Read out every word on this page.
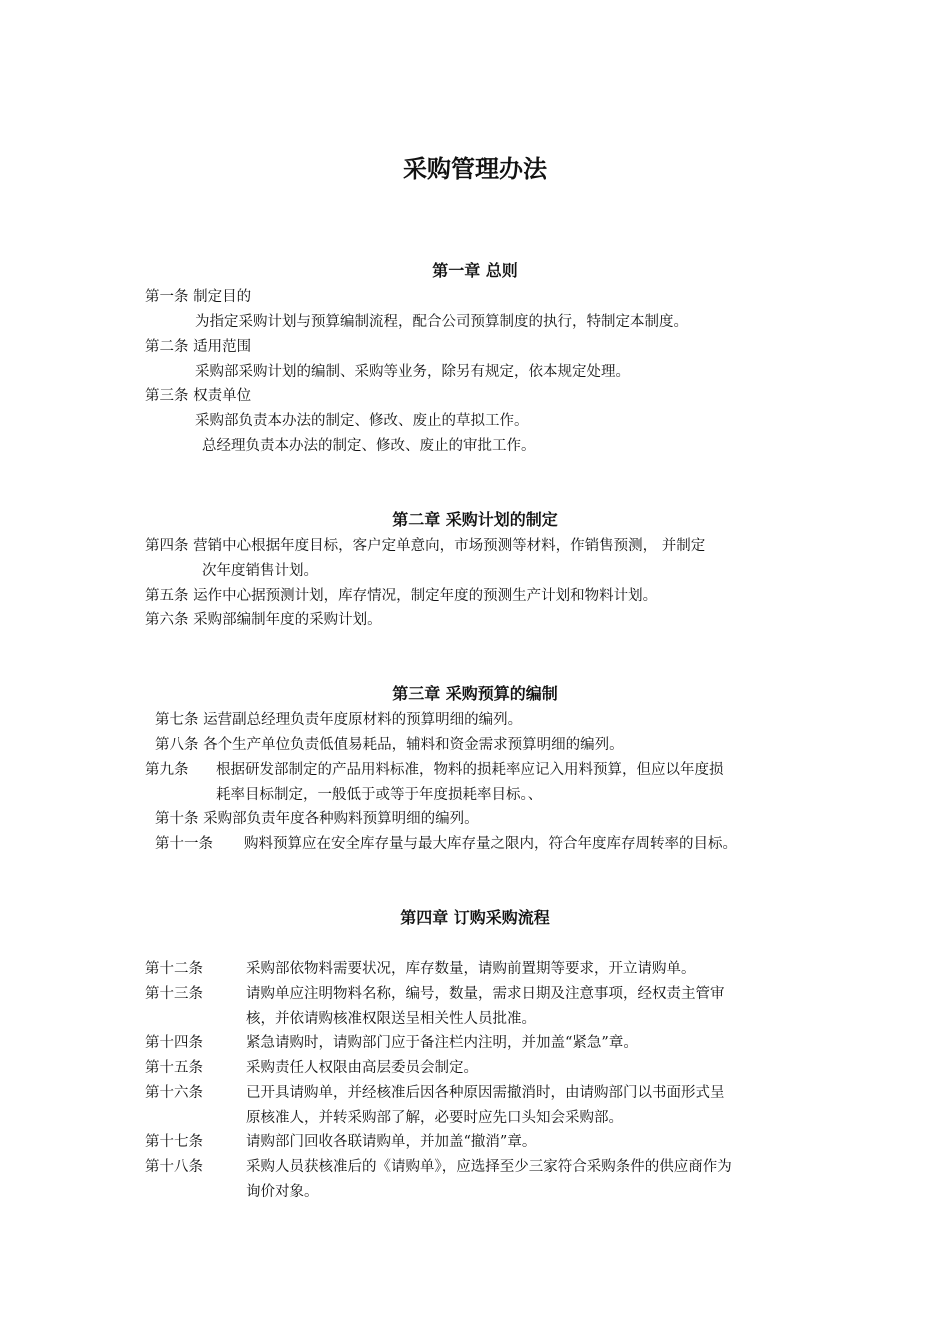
采购管理办法
第一章 总则
第一条 制定目的
为指定采购计划与预算编制流程，配合公司预算制度的执行，特制定本制度。
第二条 适用范围
采购部采购计划的编制、采购等业务，除另有规定，依本规定处理。
第三条 权责单位
采购部负责本办法的制定、修改、废止的草拟工作。
总经理负责本办法的制定、修改、废止的审批工作。
第二章 采购计划的制定
第四条 营销中心根据年度目标，客户定单意向，市场预测等材料，作销售预测， 并制定
次年度销售计划。
第五条 运作中心据预测计划，库存情况，制定年度的预测生产计划和物料计划。
第六条 采购部编制年度的采购计划。
第三章 采购预算的编制
第七条 运营副总经理负责年度原材料的预算明细的编列。
第八条 各个生产单位负责低值易耗品，辅料和资金需求预算明细的编列。
第九条 根据研发部制定的产品用料标准，物料的损耗率应记入用料预算，但应以年度损
耗率目标制定，一般低于或等于年度损耗率目标。、
第十条 采购部负责年度各种购料预算明细的编列。
第十一条 购料预算应在安全库存量与最大库存量之限内，符合年度库存周转率的目标。
第四章 订购采购流程
第十二条	采购部依物料需要状况，库存数量，请购前置期等要求，开立请购单。
第十三条	请购单应注明物料名称，编号，数量，需求日期及注意事项，经权责主管审
核，并依请购核准权限送呈相关性人员批准。
第十四条	紧急请购时，请购部门应于备注栏内注明，并加盖“紧急”章。
第十五条	采购责任人权限由高层委员会制定。
第十六条	已开具请购单，并经核准后因各种原因需撤消时，由请购部门以书面形式呈
原核准人，并转采购部了解，必要时应先口头知会采购部。
第十七条	请购部门回收各联请购单，并加盖“撤消”章。
第十八条	采购人员获核准后的《请购单》，应选择至少三家符合采购条件的供应商作为
询价对象。
